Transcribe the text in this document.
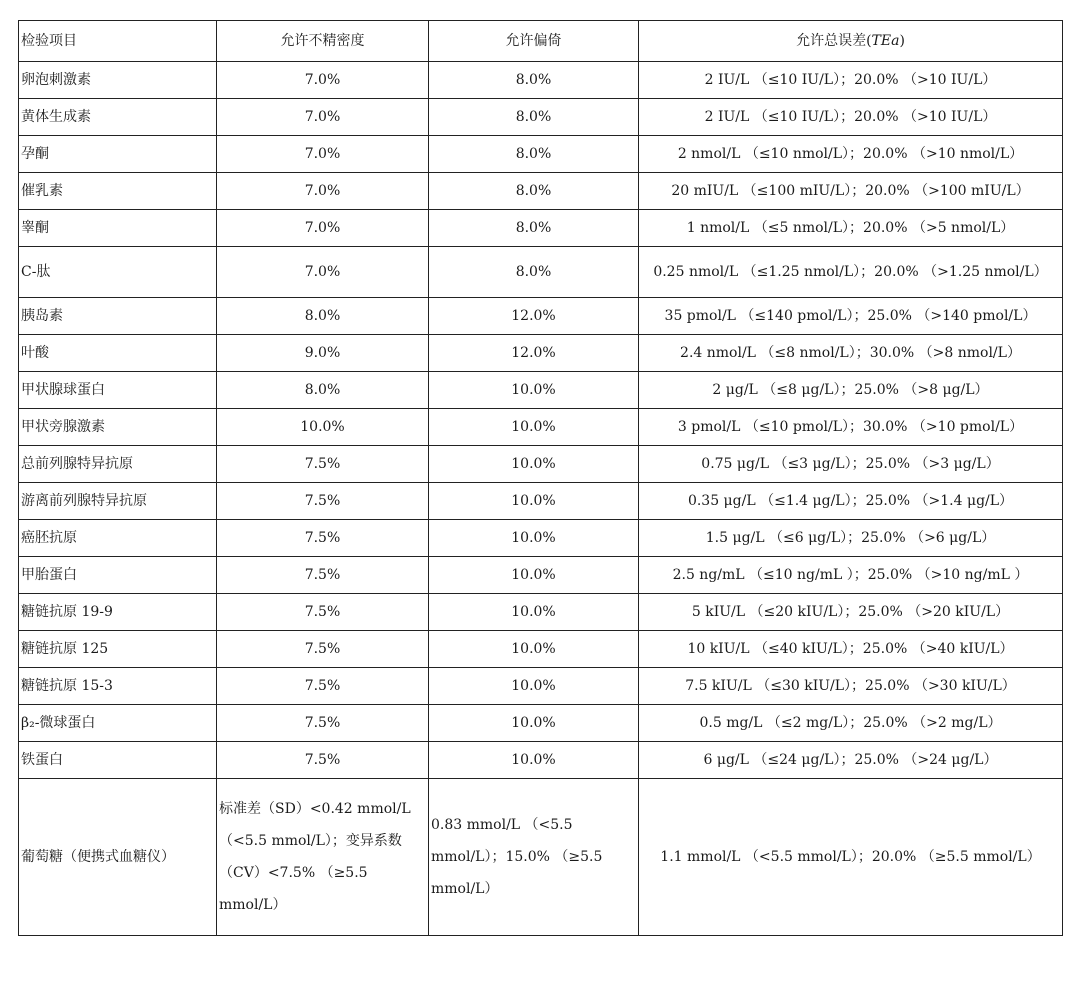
检验项目	允许不精密度	允许偏倚	允许总误差(TEa)
卵泡刺激素	7.0%	8.0%	2 IU/L （≤10 IU/L）；20.0% （>10 IU/L）
黄体生成素	7.0%	8.0%	2 IU/L （≤10 IU/L）；20.0% （>10 IU/L）
孕酮	7.0%	8.0%	2 nmol/L （≤10 nmol/L）；20.0% （>10 nmol/L）
催乳素	7.0%	8.0%	20 mIU/L （≤100 mIU/L）；20.0% （>100 mIU/L）
睾酮	7.0%	8.0%	1 nmol/L （≤5 nmol/L）；20.0% （>5 nmol/L）
C-肽	7.0%	8.0%	0.25 nmol/L （≤1.25 nmol/L）；20.0% （>1.25 nmol/L）
胰岛素	8.0%	12.0%	35 pmol/L （≤140 pmol/L）；25.0% （>140 pmol/L）
叶酸	9.0%	12.0%	2.4 nmol/L （≤8 nmol/L）；30.0% （>8 nmol/L）
甲状腺球蛋白	8.0%	10.0%	2 μg/L （≤8 μg/L）；25.0% （>8 μg/L）
甲状旁腺激素	10.0%	10.0%	3 pmol/L （≤10 pmol/L）；30.0% （>10 pmol/L）
总前列腺特异抗原	7.5%	10.0%	0.75 μg/L （≤3 μg/L）；25.0% （>3 μg/L）
游离前列腺特异抗原	7.5%	10.0%	0.35 μg/L （≤1.4 μg/L）；25.0% （>1.4 μg/L）
癌胚抗原	7.5%	10.0%	1.5 μg/L （≤6 μg/L）；25.0% （>6 μg/L）
甲胎蛋白	7.5%	10.0%	2.5 ng/mL （≤10 ng/mL ）；25.0% （>10 ng/mL ）
糖链抗原 19-9	7.5%	10.0%	5 kIU/L （≤20 kIU/L）；25.0% （>20 kIU/L）
糖链抗原 125	7.5%	10.0%	10 kIU/L （≤40 kIU/L）；25.0% （>40 kIU/L）
糖链抗原 15-3	7.5%	10.0%	7.5 kIU/L （≤30 kIU/L）；25.0% （>30 kIU/L）
β₂-微球蛋白	7.5%	10.0%	0.5 mg/L （≤2 mg/L）；25.0% （>2 mg/L）
铁蛋白	7.5%	10.0%	6 μg/L （≤24 μg/L）；25.0% （>24 μg/L）
葡萄糖（便携式血糖仪）	标准差（SD）<0.42 mmol/L （<5.5 mmol/L）；变异系数（CV）<7.5% （≥5.5 mmol/L）	0.83 mmol/L （<5.5 mmol/L）；15.0% （≥5.5 mmol/L）	1.1 mmol/L （<5.5 mmol/L）；20.0% （≥5.5 mmol/L）
